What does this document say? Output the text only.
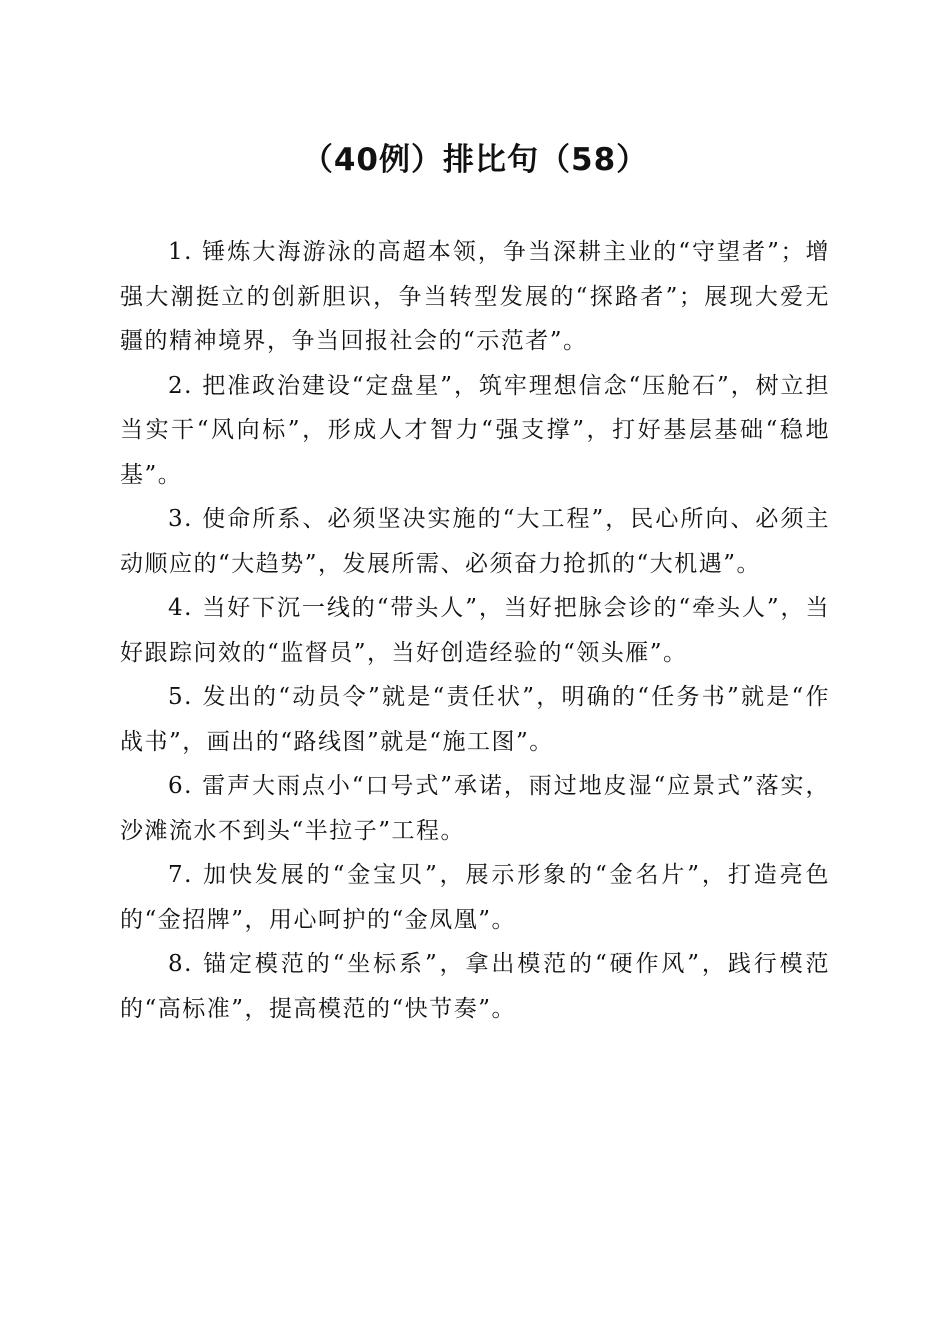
（40例）排比句（58）

1. 锤炼大海游泳的高超本领，争当深耕主业的“守望者”；增强大潮挺立的创新胆识，争当转型发展的“探路者”；展现大爱无疆的精神境界，争当回报社会的“示范者”。

2. 把准政治建设“定盘星”，筑牢理想信念“压舱石”，树立担当实干“风向标”，形成人才智力“强支撑”，打好基层基础“稳地基”。

3. 使命所系、必须坚决实施的“大工程”，民心所向、必须主动顺应的“大趋势”，发展所需、必须奋力抢抓的“大机遇”。

4. 当好下沉一线的“带头人”，当好把脉会诊的“牵头人”，当好跟踪问效的“监督员”，当好创造经验的“领头雁”。

5. 发出的“动员令”就是“责任状”，明确的“任务书”就是“作战书”，画出的“路线图”就是“施工图”。

6. 雷声大雨点小“口号式”承诺，雨过地皮湿“应景式”落实，沙滩流水不到头“半拉子”工程。

7. 加快发展的“金宝贝”，展示形象的“金名片”，打造亮色的“金招牌”，用心呵护的“金凤凰”。

8. 锚定模范的“坐标系”，拿出模范的“硬作风”，践行模范的“高标准”，提高模范的“快节奏”。
